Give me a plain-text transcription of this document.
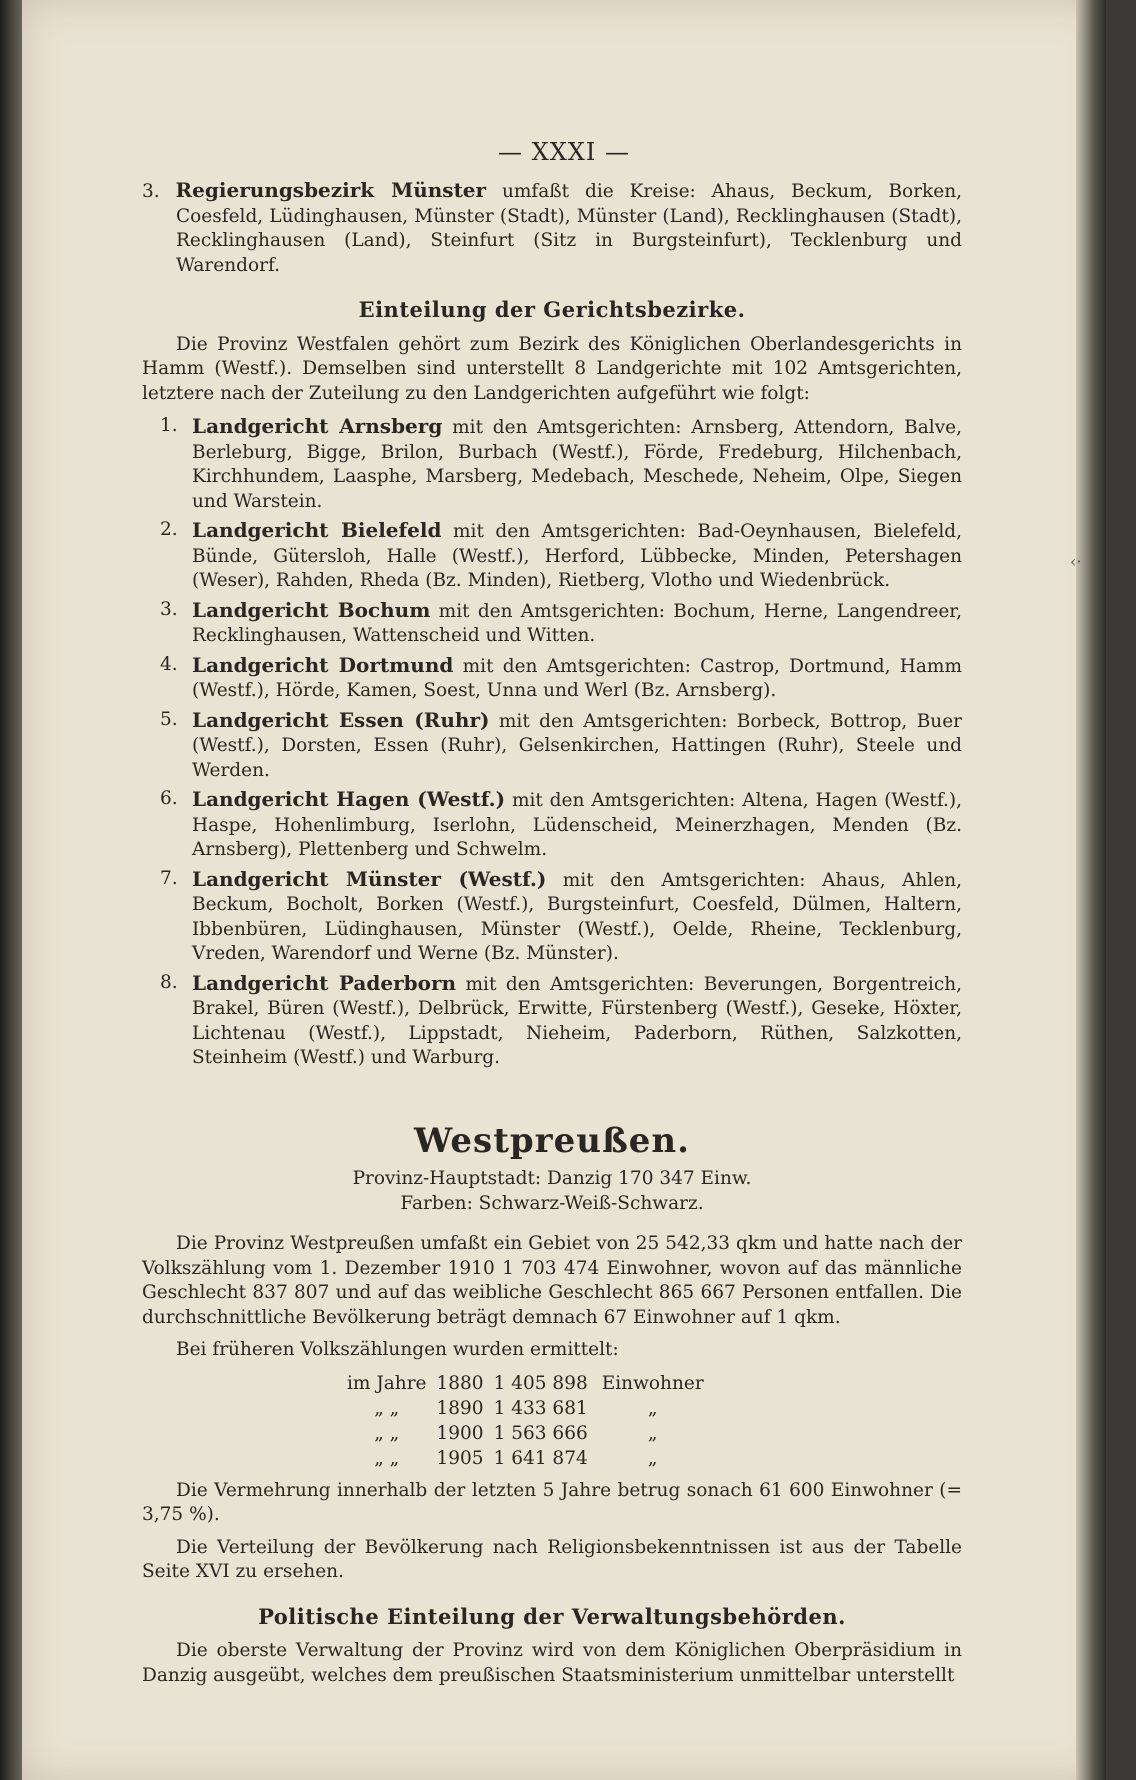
— XXXI —
‹·

3. Regierungsbezirk Münster umfaßt die Kreise: Ahaus, Beckum, Borken, Coesfeld, Lüdinghausen, Münster (Stadt), Münster (Land), Recklinghausen (Stadt), Recklinghausen (Land), Steinfurt (Sitz in Burgsteinfurt), Tecklenburg und Warendorf.

Einteilung der Gerichtsbezirke.

Die Provinz Westfalen gehört zum Bezirk des Königlichen Oberlandesgerichts in Hamm (Westf.). Demselben sind unterstellt 8 Landgerichte mit 102 Amtsgerichten, letztere nach der Zuteilung zu den Landgerichten aufgeführt wie folgt:

1. Landgericht Arnsberg mit den Amtsgerichten: Arnsberg, Attendorn, Balve, Berleburg, Bigge, Brilon, Burbach (Westf.), Förde, Fredeburg, Hilchenbach, Kirchhundem, Laasphe, Marsberg, Medebach, Meschede, Neheim, Olpe, Siegen und Warstein.
2. Landgericht Bielefeld mit den Amtsgerichten: Bad-Oeynhausen, Bielefeld, Bünde, Gütersloh, Halle (Westf.), Herford, Lübbecke, Minden, Petershagen (Weser), Rahden, Rheda (Bz. Minden), Rietberg, Vlotho und Wiedenbrück.
3. Landgericht Bochum mit den Amtsgerichten: Bochum, Herne, Langendreer, Recklinghausen, Wattenscheid und Witten.
4. Landgericht Dortmund mit den Amtsgerichten: Castrop, Dortmund, Hamm (Westf.), Hörde, Kamen, Soest, Unna und Werl (Bz. Arnsberg).
5. Landgericht Essen (Ruhr) mit den Amtsgerichten: Borbeck, Bottrop, Buer (Westf.), Dorsten, Essen (Ruhr), Gelsenkirchen, Hattingen (Ruhr), Steele und Werden.
6. Landgericht Hagen (Westf.) mit den Amtsgerichten: Altena, Hagen (Westf.), Haspe, Hohenlimburg, Iserlohn, Lüdenscheid, Meinerzhagen, Menden (Bz. Arnsberg), Plettenberg und Schwelm.
7. Landgericht Münster (Westf.) mit den Amtsgerichten: Ahaus, Ahlen, Beckum, Bocholt, Borken (Westf.), Burgsteinfurt, Coesfeld, Dülmen, Haltern, Ibbenbüren, Lüdinghausen, Münster (Westf.), Oelde, Rheine, Tecklenburg, Vreden, Warendorf und Werne (Bz. Münster).
8. Landgericht Paderborn mit den Amtsgerichten: Beverungen, Borgentreich, Brakel, Büren (Westf.), Delbrück, Erwitte, Fürstenberg (Westf.), Geseke, Höxter, Lichtenau (Westf.), Lippstadt, Nieheim, Paderborn, Rüthen, Salzkotten, Steinheim (Westf.) und Warburg.
Westpreußen.

Provinz-Hauptstadt: Danzig 170 347 Einw.

Farben: Schwarz-Weiß-Schwarz.

Die Provinz Westpreußen umfaßt ein Gebiet von 25 542,33 qkm und hatte nach der Volkszählung vom 1. Dezember 1910 1 703 474 Einwohner, wovon auf das männliche Geschlecht 837 807 und auf das weibliche Geschlecht 865 667 Personen entfallen. Die durchschnittliche Bevölkerung beträgt demnach 67 Einwohner auf 1 qkm.

Bei früheren Volkszählungen wurden ermittelt:

im Jahre	1880	1 405 898	Einwohner
„ „	1890	1 433 681	„
„ „	1900	1 563 666	„
„ „	1905	1 641 874	„

Die Vermehrung innerhalb der letzten 5 Jahre betrug sonach 61 600 Einwohner (= 3,75 %).

Die Verteilung der Bevölkerung nach Religionsbekenntnissen ist aus der Tabelle Seite XVI zu ersehen.

Politische Einteilung der Verwaltungsbehörden.

Die oberste Verwaltung der Provinz wird von dem Königlichen Oberpräsidium in Danzig ausgeübt, welches dem preußischen Staatsministerium unmittelbar unterstellt
